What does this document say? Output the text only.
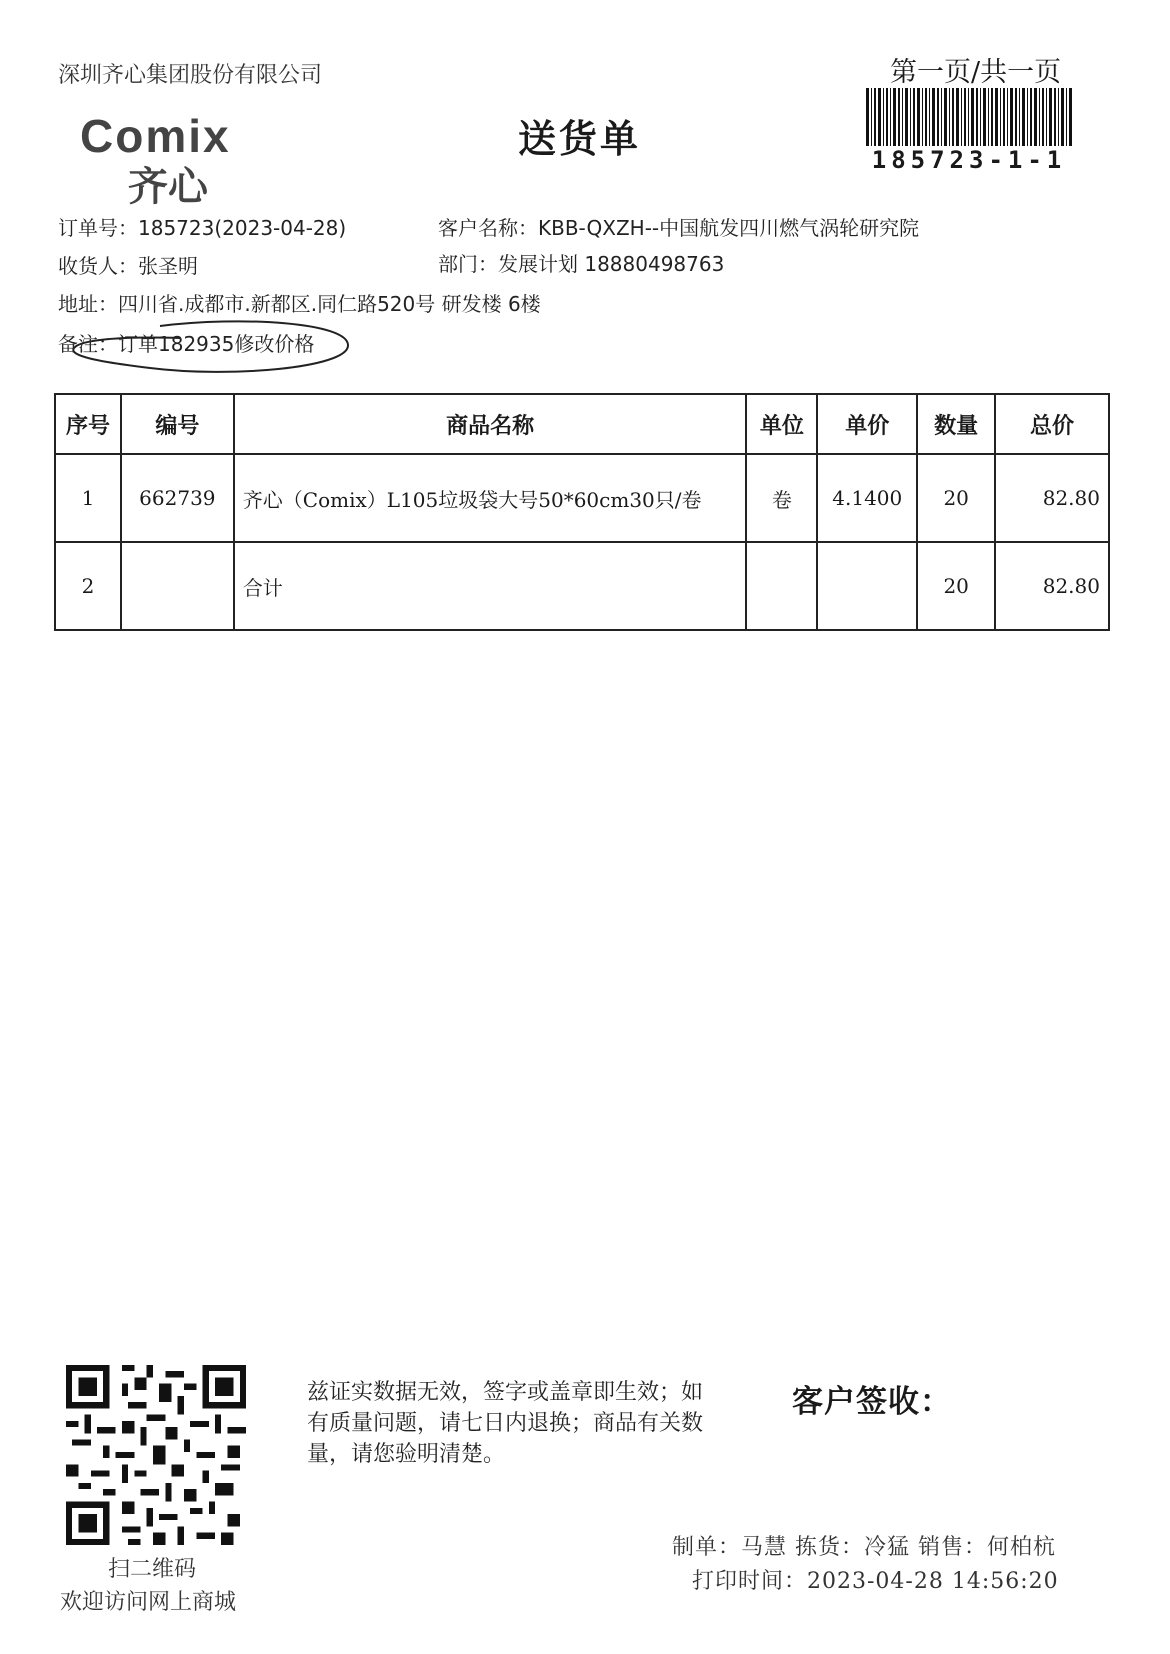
深圳齐心集团股份有限公司
Comix
齐心
送货单
第一页/共一页
185723-1-1
订单号：185723(2023-04-28)	客户名称：KBB-QXZH--中国航发四川燃气涡轮研究院
收货人：张圣明	部门：发展计划 18880498763
地址：四川省.成都市.新都区.同仁路520号 研发楼 6楼
备注：订单182935修改价格
序号	编号	商品名称	单位	单价	数量	总价
1	662739	齐心（Comix）L105垃圾袋大号50*60cm30只/卷	卷	4.1400	20	82.80
2		合计			20	82.80
扫二维码
欢迎访问网上商城
兹证实数据无效，签字或盖章即生效；如有质量问题，请七日内退换；商品有关数量，请您验明清楚。
客户签收：
制单：马慧 拣货：冷猛 销售：何柏杭
打印时间：2023-04-28 14:56:20
